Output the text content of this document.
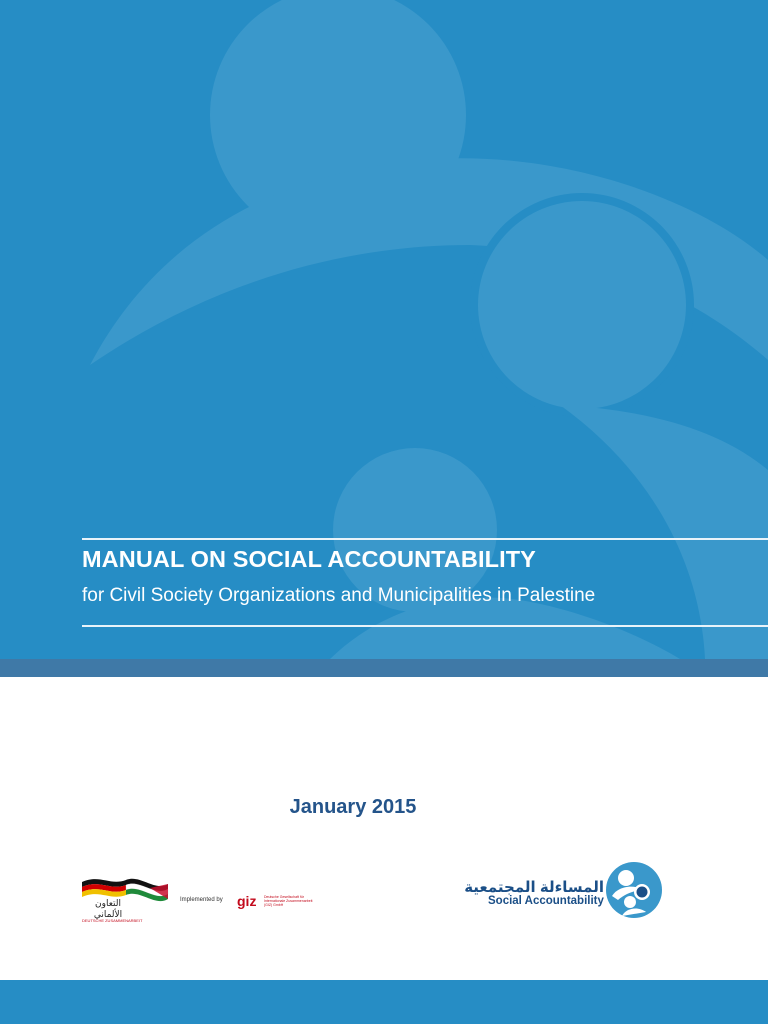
MANUAL ON SOCIAL ACCOUNTABILITY

for Civil Society Organizations and Municipalities in Palestine

January 2015
التعاون الألماني
DEUTSCHE ZUSAMMENARBEIT
Implemented by giz Deutsche Gesellschaft für Internationale Zusammenarbeit (GIZ) GmbH
المساءلة المجتمعية
Social Accountability
